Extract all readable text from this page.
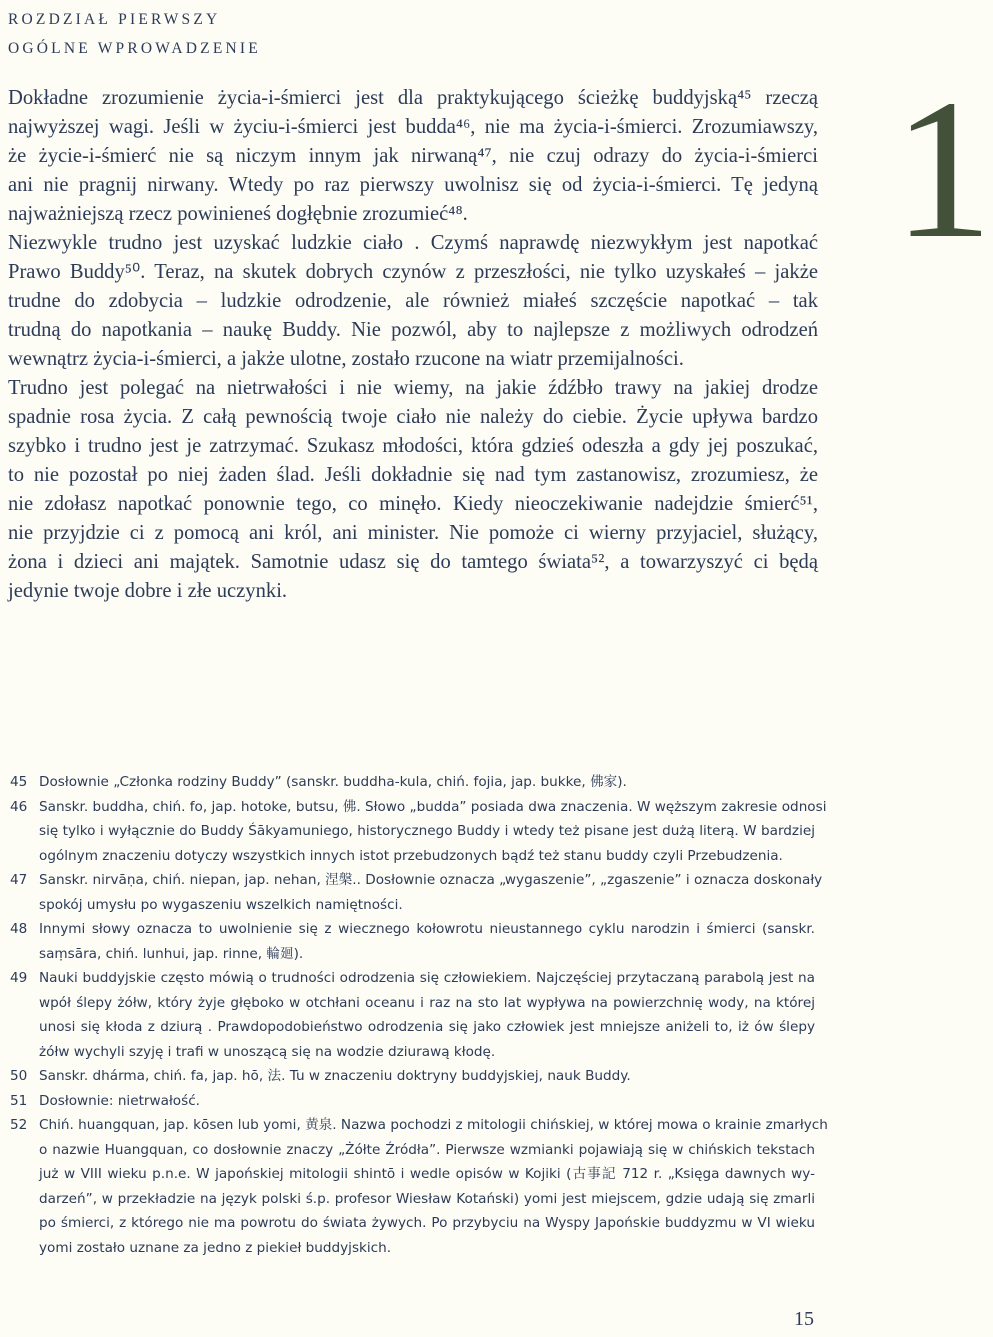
ROZDZIAŁ PIERWSZY
OGÓLNE WPROWADZENIE
1
Dokładne zrozumienie życia-i-śmierci jest dla praktykującego ścieżkę buddyjską⁴⁵ rzeczą
najwyższej wagi. Jeśli w życiu-i-śmierci jest budda⁴⁶, nie ma życia-i-śmierci. Zrozumiawszy,
że życie-i-śmierć nie są niczym innym jak nirwaną⁴⁷, nie czuj odrazy do życia-i-śmierci
ani nie pragnij nirwany. Wtedy po raz pierwszy uwolnisz się od życia-i-śmierci. Tę jedyną
najważniejszą rzecz powinieneś dogłębnie zrozumieć⁴⁸.
Niezwykle trudno jest uzyskać ludzkie ciało . Czymś naprawdę niezwykłym jest napotkać
Prawo Buddy⁵⁰. Teraz, na skutek dobrych czynów z przeszłości, nie tylko uzyskałeś – jakże
trudne do zdobycia – ludzkie odrodzenie, ale również miałeś szczęście napotkać – tak
trudną do napotkania – naukę Buddy. Nie pozwól, aby to najlepsze z możliwych odrodzeń
wewnątrz życia-i-śmierci, a jakże ulotne, zostało rzucone na wiatr przemijalności.
Trudno jest polegać na nietrwałości i nie wiemy, na jakie źdźbło trawy na jakiej drodze
spadnie rosa życia. Z całą pewnością twoje ciało nie należy do ciebie. Życie upływa bardzo
szybko i trudno jest je zatrzymać. Szukasz młodości, która gdzieś odeszła a gdy jej poszukać,
to nie pozostał po niej żaden ślad. Jeśli dokładnie się nad tym zastanowisz, zrozumiesz, że
nie zdołasz napotkać ponownie tego, co minęło. Kiedy nieoczekiwanie nadejdzie śmierć⁵¹,
nie przyjdzie ci z pomocą ani król, ani minister. Nie pomoże ci wierny przyjaciel, służący,
żona i dzieci ani majątek. Samotnie udasz się do tamtego świata⁵², a towarzyszyć ci będą
jedynie twoje dobre i złe uczynki.
45 Dosłownie „Członka rodziny Buddy” (sanskr. buddha-kula, chiń. fojia, jap. bukke, 佛家).
46 Sanskr. buddha, chiń. fo, jap. hotoke, butsu, 佛. Słowo „budda” posiada dwa znaczenia. W węższym zakresie odnosi
się tylko i wyłącznie do Buddy Śākyamuniego, historycznego Buddy i wtedy też pisane jest dużą literą. W bardziej
ogólnym znaczeniu dotyczy wszystkich innych istot przebudzonych bądź też stanu buddy czyli Przebudzenia.
47 Sanskr. nirvāṇa, chiń. niepan, jap. nehan, 涅槃.. Dosłownie oznacza „wygaszenie”, „zgaszenie” i oznacza doskonały
spokój umysłu po wygaszeniu wszelkich namiętności.
48 Innymi słowy oznacza to uwolnienie się z wiecznego kołowrotu nieustannego cyklu narodzin i śmierci (sanskr.
saṃsāra, chiń. lunhui, jap. rinne, 輪廻).
49 Nauki buddyjskie często mówią o trudności odrodzenia się człowiekiem. Najczęściej przytaczaną parabolą jest na
wpół ślepy żółw, który żyje głęboko w otchłani oceanu i raz na sto lat wypływa na powierzchnię wody, na której
unosi się kłoda z dziurą . Prawdopodobieństwo odrodzenia się jako człowiek jest mniejsze aniżeli to, iż ów ślepy
żółw wychyli szyję i trafi w unoszącą się na wodzie dziurawą kłodę.
50 Sanskr. dhárma, chiń. fa, jap. hō, 法. Tu w znaczeniu doktryny buddyjskiej, nauk Buddy.
51 Dosłownie: nietrwałość.
52 Chiń. huangquan, jap. kōsen lub yomi, 黄泉. Nazwa pochodzi z mitologii chińskiej, w której mowa o krainie zmarłych
o nazwie Huangquan, co dosłownie znaczy „Żółte Źródła”. Pierwsze wzmianki pojawiają się w chińskich tekstach
już w VIII wieku p.n.e. W japońskiej mitologii shintō i wedle opisów w Kojiki (古事記 712 r. „Księga dawnych wy-
darzeń”, w przekładzie na język polski ś.p. profesor Wiesław Kotański) yomi jest miejscem, gdzie udają się zmarli
po śmierci, z którego nie ma powrotu do świata żywych. Po przybyciu na Wyspy Japońskie buddyzmu w VI wieku
yomi zostało uznane za jedno z piekieł buddyjskich.
15
